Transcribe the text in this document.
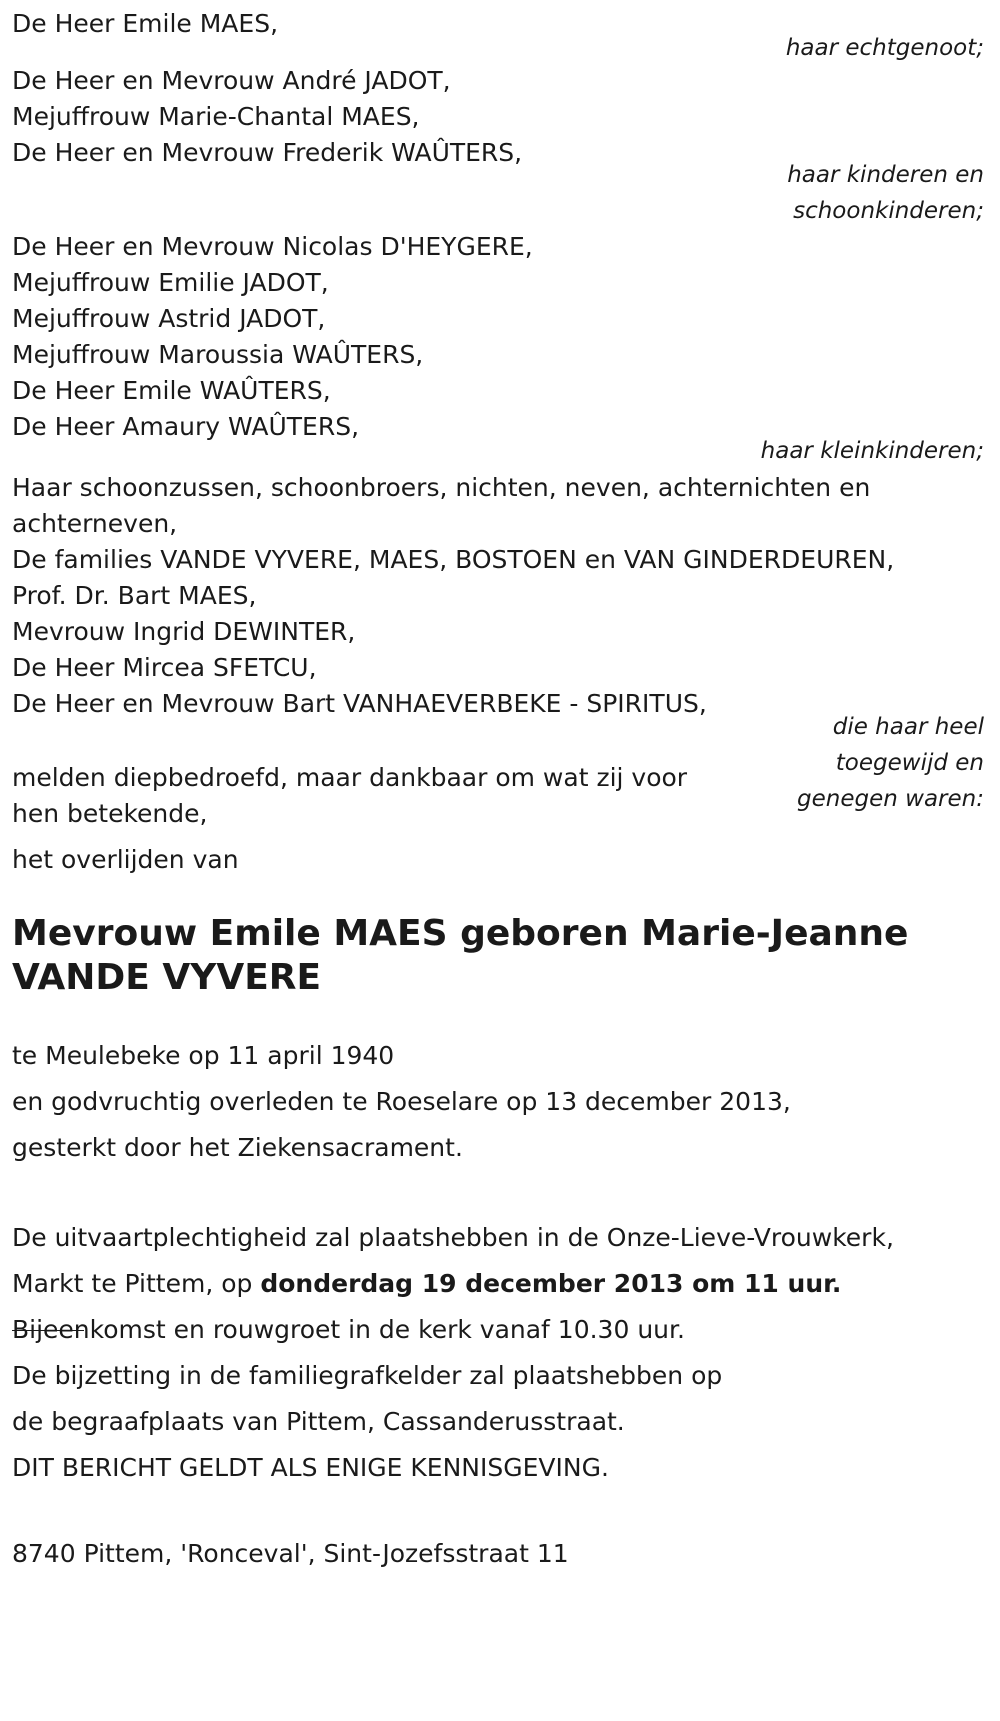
De Heer Emile MAES,
haar echtgenoot;
De Heer en Mevrouw André JADOT,
Mejuffrouw Marie-Chantal MAES,
De Heer en Mevrouw Frederik WAÛTERS,
haar kinderen en
schoonkinderen;
De Heer en Mevrouw Nicolas D'HEYGERE,
Mejuffrouw Emilie JADOT,
Mejuffrouw Astrid JADOT,
Mejuffrouw Maroussia WAÛTERS,
De Heer Emile WAÛTERS,
De Heer Amaury WAÛTERS,
haar kleinkinderen;
Haar schoonzussen, schoonbroers, nichten, neven, achternichten en
achterneven,
De families VANDE VYVERE, MAES, BOSTOEN en VAN GINDERDEUREN,
Prof. Dr. Bart MAES,
Mevrouw Ingrid DEWINTER,
De Heer Mircea SFETCU,
De Heer en Mevrouw Bart VANHAEVERBEKE - SPIRITUS,
die haar heel
toegewijd en
genegen waren:
melden diepbedroefd, maar dankbaar om wat zij voor
hen betekende,
het overlijden van
Mevrouw Emile MAES geboren Marie-Jeanne
VANDE VYVERE
te Meulebeke op 11 april 1940
en godvruchtig overleden te Roeselare op 13 december 2013,
gesterkt door het Ziekensacrament.
De uitvaartplechtigheid zal plaatshebben in de Onze-Lieve-Vrouwkerk,
Markt te Pittem, op donderdag 19 december 2013 om 11 uur.
Bijeenkomst en rouwgroet in de kerk vanaf 10.30 uur.
De bijzetting in de familiegrafkelder zal plaatshebben op
de begraafplaats van Pittem, Cassanderusstraat.
DIT BERICHT GELDT ALS ENIGE KENNISGEVING.
8740 Pittem, 'Ronceval', Sint-Jozefsstraat 11
